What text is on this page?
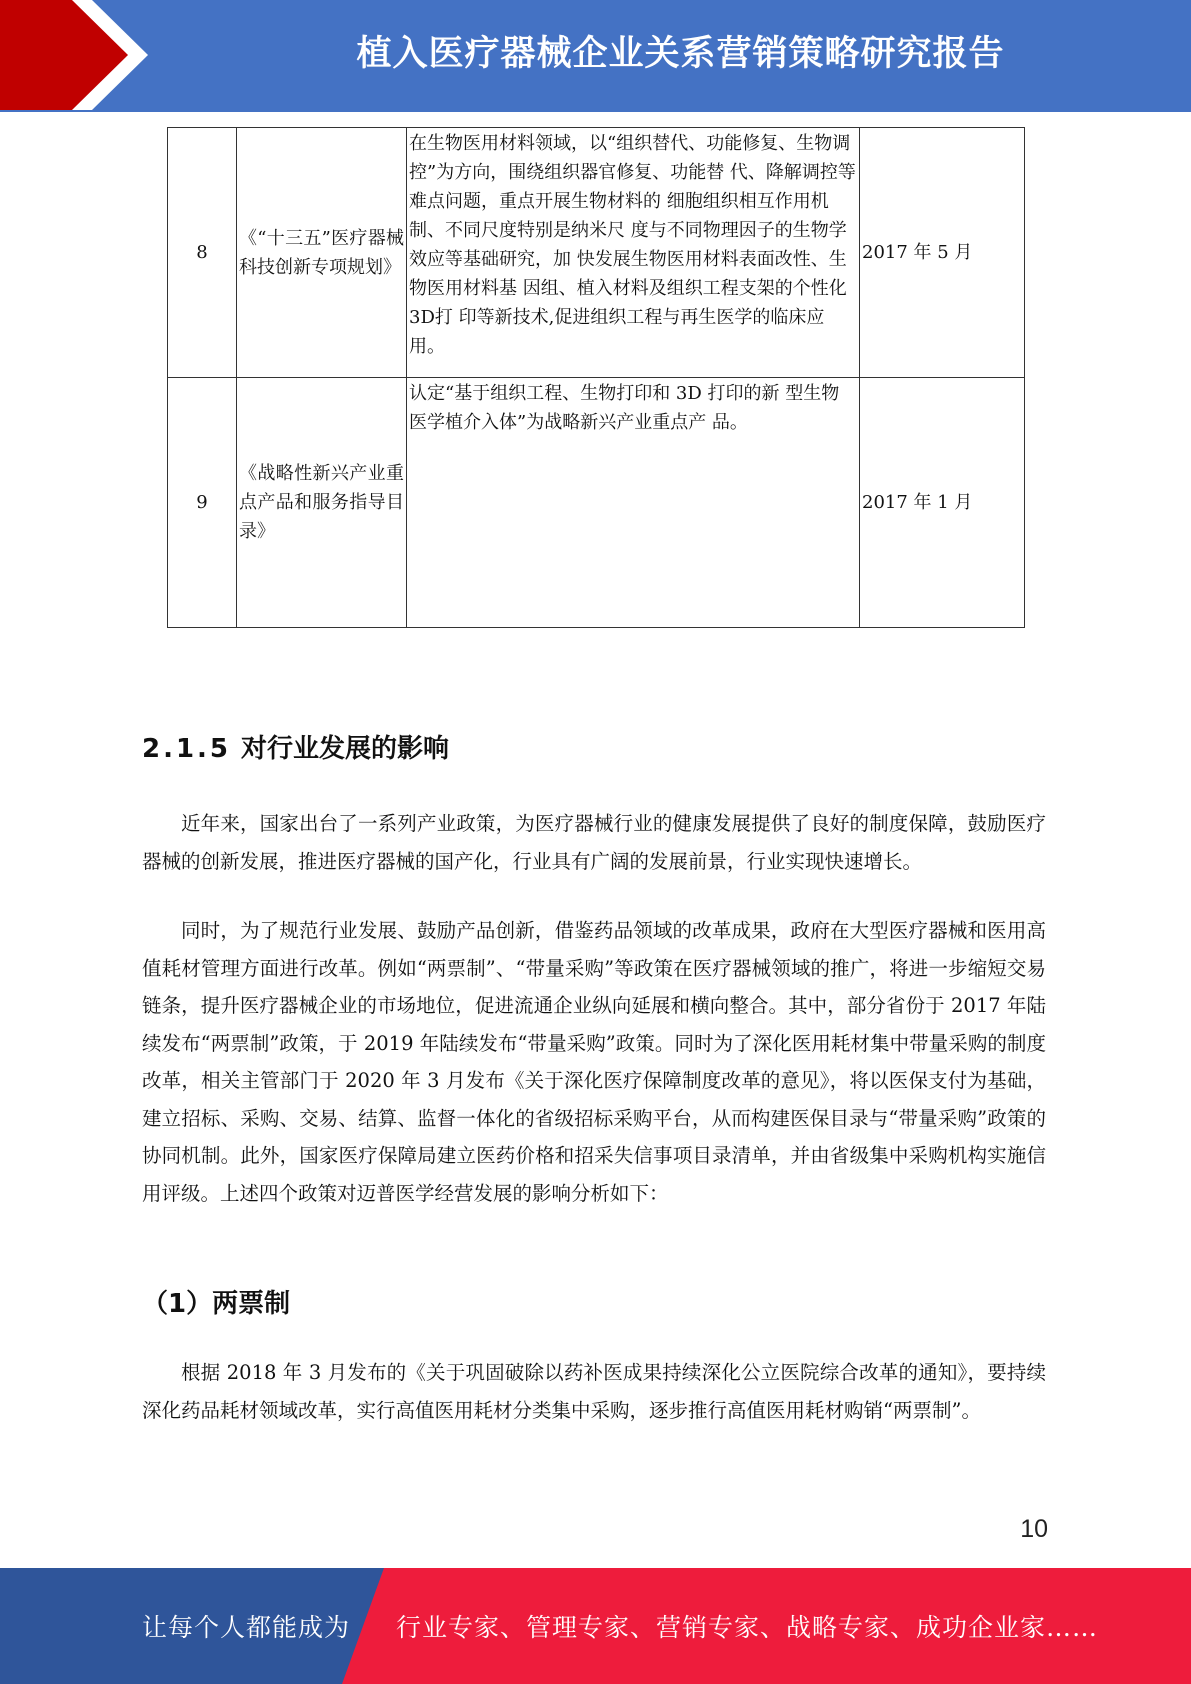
植入医疗器械企业关系营销策略研究报告
8	《“十三五”医疗器械科技创新专项规划》	在生物医用材料领域，以“组织替代、功能修复、生物调控”为方向，围绕组织器官修复、功能替 代、降解调控等难点问题，重点开展生物材料的 细胞组织相互作用机制、不同尺度特别是纳米尺 度与不同物理因子的生物学效应等基础研究，加 快发展生物医用材料表面改性、生物医用材料基 因组、植入材料及组织工程支架的个性化3D打 印等新技术,促进组织工程与再生医学的临床应 用。	2017 年 5 月
9	《战略性新兴产业重点产品和服务指导目录》	认定“基于组织工程、生物打印和 3D 打印的新 型生物医学植介入体”为战略新兴产业重点产 品。	2017 年 1 月
2.1.5 对行业发展的影响

近年来，国家出台了一系列产业政策，为医疗器械行业的健康发展提供了良好的制度保障，鼓励医疗器械的创新发展，推进医疗器械的国产化，行业具有广阔的发展前景，行业实现快速增长。

同时，为了规范行业发展、鼓励产品创新，借鉴药品领域的改革成果，政府在大型医疗器械和医用高值耗材管理方面进行改革。例如“两票制”、“带量采购”等政策在医疗器械领域的推广，将进一步缩短交易链条，提升医疗器械企业的市场地位，促进流通企业纵向延展和横向整合。其中，部分省份于 2017 年陆续发布“两票制”政策，于 2019 年陆续发布“带量采购”政策。同时为了深化医用耗材集中带量采购的制度改革，相关主管部门于 2020 年 3 月发布《关于深化医疗保障制度改革的意见》，将以医保支付为基础，建立招标、采购、交易、结算、监督一体化的省级招标采购平台，从而构建医保目录与“带量采购”政策的协同机制。此外，国家医疗保障局建立医药价格和招采失信事项目录清单，并由省级集中采购机构实施信用评级。上述四个政策对迈普医学经营发展的影响分析如下：

（1）两票制

根据 2018 年 3 月发布的《关于巩固破除以药补医成果持续深化公立医院综合改革的通知》，要持续深化药品耗材领域改革，实行高值医用耗材分类集中采购，逐步推行高值医用耗材购销“两票制”。

10
让每个人都能成为 行业专家、管理专家、营销专家、战略专家、成功企业家……
